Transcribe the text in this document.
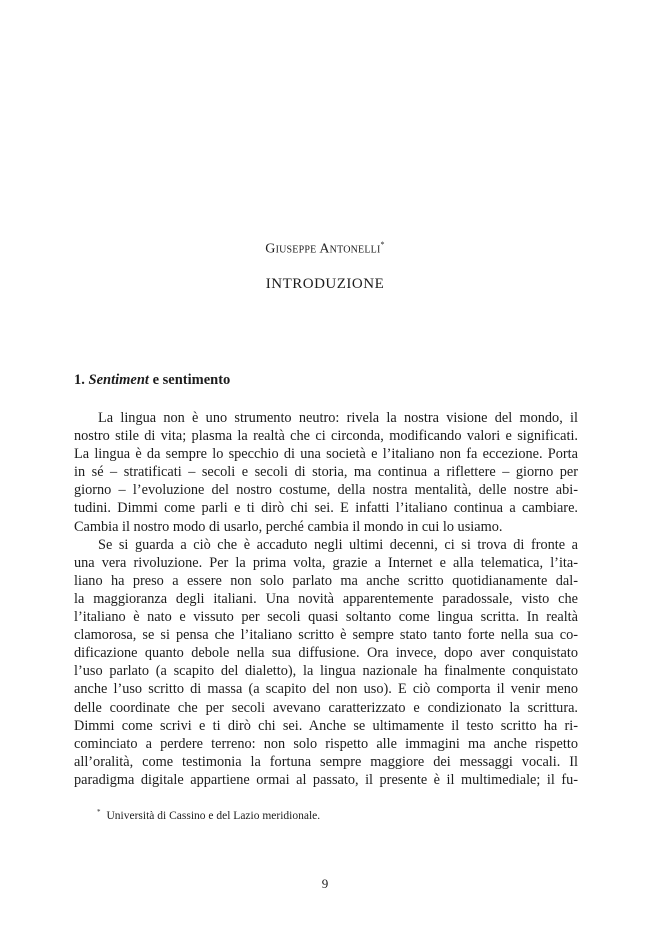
Giuseppe Antonelli*
INTRODUZIONE
1. Sentiment e sentimento
La lingua non è uno strumento neutro: rivela la nostra visione del mondo, il
nostro stile di vita; plasma la realtà che ci circonda, modificando valori e significati.
La lingua è da sempre lo specchio di una società e l’italiano non fa eccezione. Porta
in sé – stratificati – secoli e secoli di storia, ma continua a riflettere – giorno per
giorno – l’evoluzione del nostro costume, della nostra mentalità, delle nostre abi-
tudini. Dimmi come parli e ti dirò chi sei. E infatti l’italiano continua a cambiare.
Cambia il nostro modo di usarlo, perché cambia il mondo in cui lo usiamo.
Se si guarda a ciò che è accaduto negli ultimi decenni, ci si trova di fronte a
una vera rivoluzione. Per la prima volta, grazie a Internet e alla telematica, l’ita-
liano ha preso a essere non solo parlato ma anche scritto quotidianamente dal-
la maggioranza degli italiani. Una novità apparentemente paradossale, visto che
l’italiano è nato e vissuto per secoli quasi soltanto come lingua scritta. In realtà
clamorosa, se si pensa che l’italiano scritto è sempre stato tanto forte nella sua co-
dificazione quanto debole nella sua diffusione. Ora invece, dopo aver conquistato
l’uso parlato (a scapito del dialetto), la lingua nazionale ha finalmente conquistato
anche l’uso scritto di massa (a scapito del non uso). E ciò comporta il venir meno
delle coordinate che per secoli avevano caratterizzato e condizionato la scrittura.
Dimmi come scrivi e ti dirò chi sei. Anche se ultimamente il testo scritto ha ri-
cominciato a perdere terreno: non solo rispetto alle immagini ma anche rispetto
all’oralità, come testimonia la fortuna sempre maggiore dei messaggi vocali. Il
paradigma digitale appartiene ormai al passato, il presente è il multimediale; il fu-
* Università di Cassino e del Lazio meridionale.
9
